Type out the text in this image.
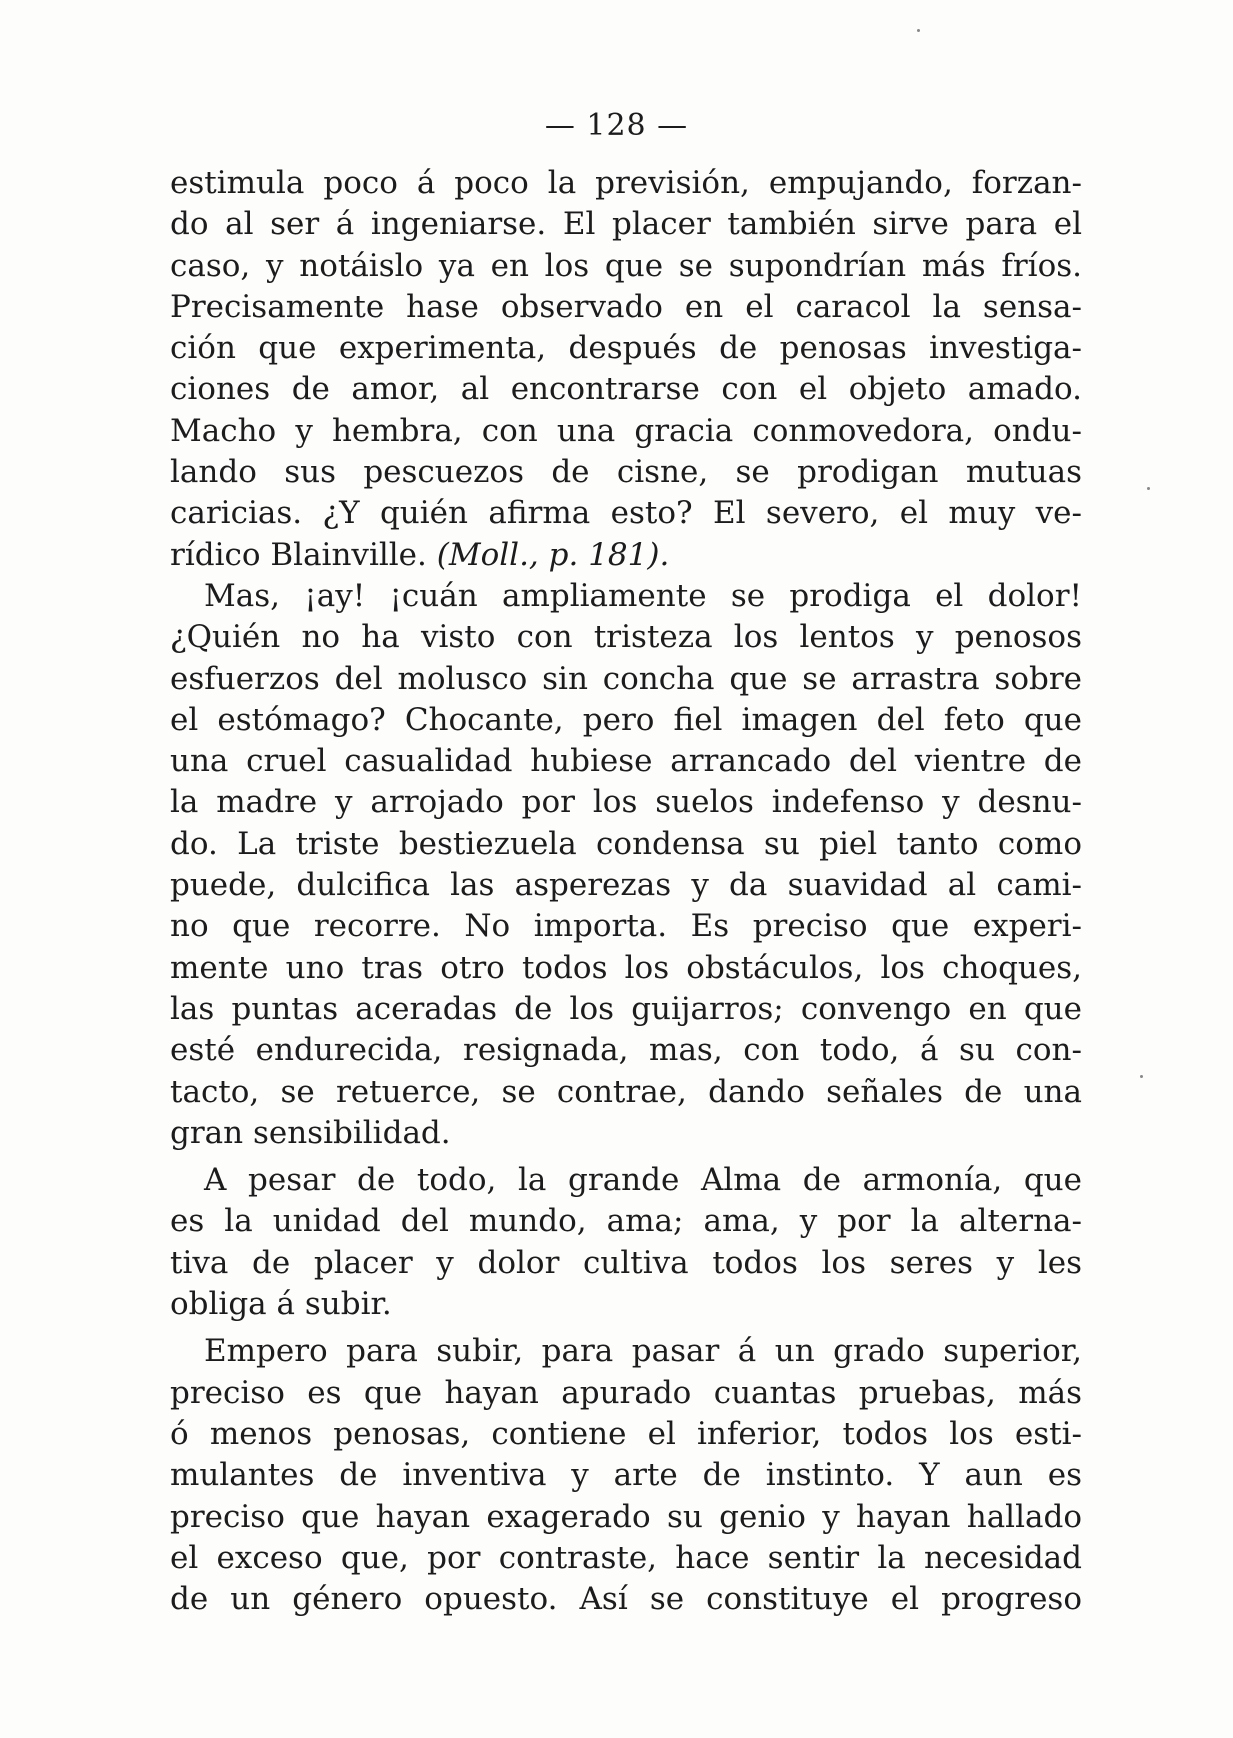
— 128 —
estimula poco á poco la previsión, empujando, forzan-
do al ser á ingeniarse. El placer también sirve para el
caso, y notáislo ya en los que se supondrían más fríos.
Precisamente hase observado en el caracol la sensa-
ción que experimenta, después de penosas investiga-
ciones de amor, al encontrarse con el objeto amado.
Macho y hembra, con una gracia conmovedora, ondu-
lando sus pescuezos de cisne, se prodigan mutuas
caricias. ¿Y quién afirma esto? El severo, el muy ve-
rídico Blainville. (Moll., p. 181).
Mas, ¡ay! ¡cuán ampliamente se prodiga el dolor!
¿Quién no ha visto con tristeza los lentos y penosos
esfuerzos del molusco sin concha que se arrastra sobre
el estómago? Chocante, pero fiel imagen del feto que
una cruel casualidad hubiese arrancado del vientre de
la madre y arrojado por los suelos indefenso y desnu-
do. La triste bestiezuela condensa su piel tanto como
puede, dulcifica las asperezas y da suavidad al cami-
no que recorre. No importa. Es preciso que experi-
mente uno tras otro todos los obstáculos, los choques,
las puntas aceradas de los guijarros; convengo en que
esté endurecida, resignada, mas, con todo, á su con-
tacto, se retuerce, se contrae, dando señales de una
gran sensibilidad.
A pesar de todo, la grande Alma de armonía, que
es la unidad del mundo, ama; ama, y por la alterna-
tiva de placer y dolor cultiva todos los seres y les
obliga á subir.
Empero para subir, para pasar á un grado superior,
preciso es que hayan apurado cuantas pruebas, más
ó menos penosas, contiene el inferior, todos los esti-
mulantes de inventiva y arte de instinto. Y aun es
preciso que hayan exagerado su genio y hayan hallado
el exceso que, por contraste, hace sentir la necesidad
de un género opuesto. Así se constituye el progreso
